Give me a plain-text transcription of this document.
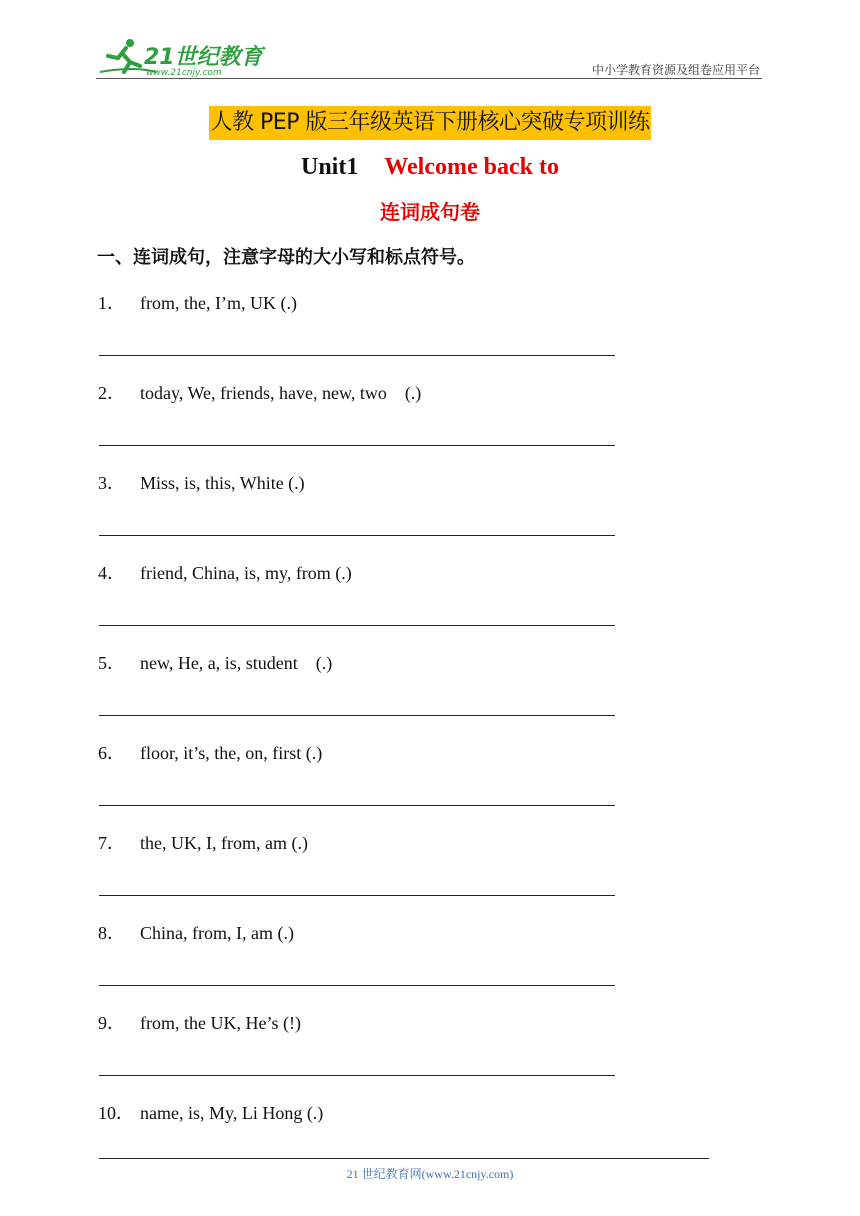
21世纪教育
www.21cnjy.com	中小学教育资源及组卷应用平台
人教 PEP 版三年级英语下册核心突破专项训练
Unit1 Welcome back to
连词成句卷
一、连词成句，注意字母的大小写和标点符号。
1． from, the, I’m, UK (.)
2． today, We, friends, have, new, two    (.)
3． Miss, is, this, White (.)
4． friend, China, is, my, from (.)
5． new, He, a, is, student    (.)
6． floor, it’s, the, on, first (.)
7． the, UK, I, from, am (.)
8． China, from, I, am (.)
9． from, the UK, He’s (!)
10． name, is, My, Li Hong (.)
21 世纪教育网(www.21cnjy.com)
